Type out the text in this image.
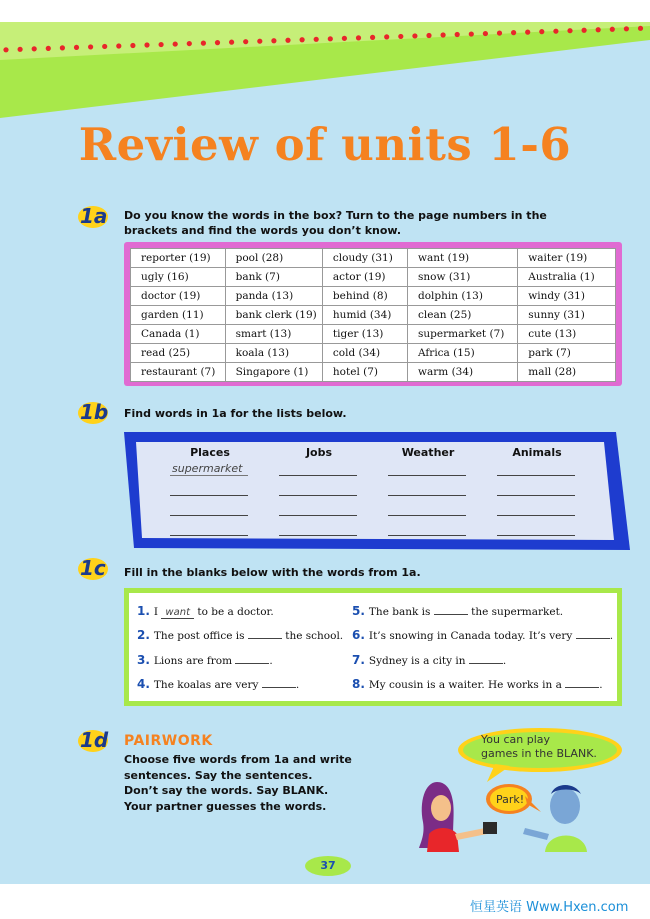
Review of units 1-6
1a Do you know the words in the box? Turn to the page numbers in the
brackets and find the words you don’t know.
reporter (19)	pool (28)	cloudy (31)	want (19)	waiter (19)
ugly (16)	bank (7)	actor (19)	snow (31)	Australia (1)
doctor (19)	panda (13)	behind (8)	dolphin (13)	windy (31)
garden (11)	bank clerk (19)	humid (34)	clean (25)	sunny (31)
Canada (1)	smart (13)	tiger (13)	supermarket (7)	cute (13)
read (25)	koala (13)	cold (34)	Africa (15)	park (7)
restaurant (7)	Singapore (1)	hotel (7)	warm (34)	mall (28)
1b Find words in 1a for the lists below.
Places	Jobs	Weather	Animals
supermarket
1c Fill in the blanks below with the words from 1a.
1. I want to be a doctor.
2. The post office is	the school.
3. Lions are from	.
4. The koalas are very	.
5. The bank is	the supermarket.
6. It’s snowing in Canada today. It’s very	.
7. Sydney is a city in	.
8. My cousin is a waiter. He works in a	.
1d PAIRWORK
Choose five words from 1a and write
sentences. Say the sentences.
Don’t say the words. Say BLANK.
Your partner guesses the words.
You can play
games in the BLANK.
Park!
37
恒星英语 Www.Hxen.com
